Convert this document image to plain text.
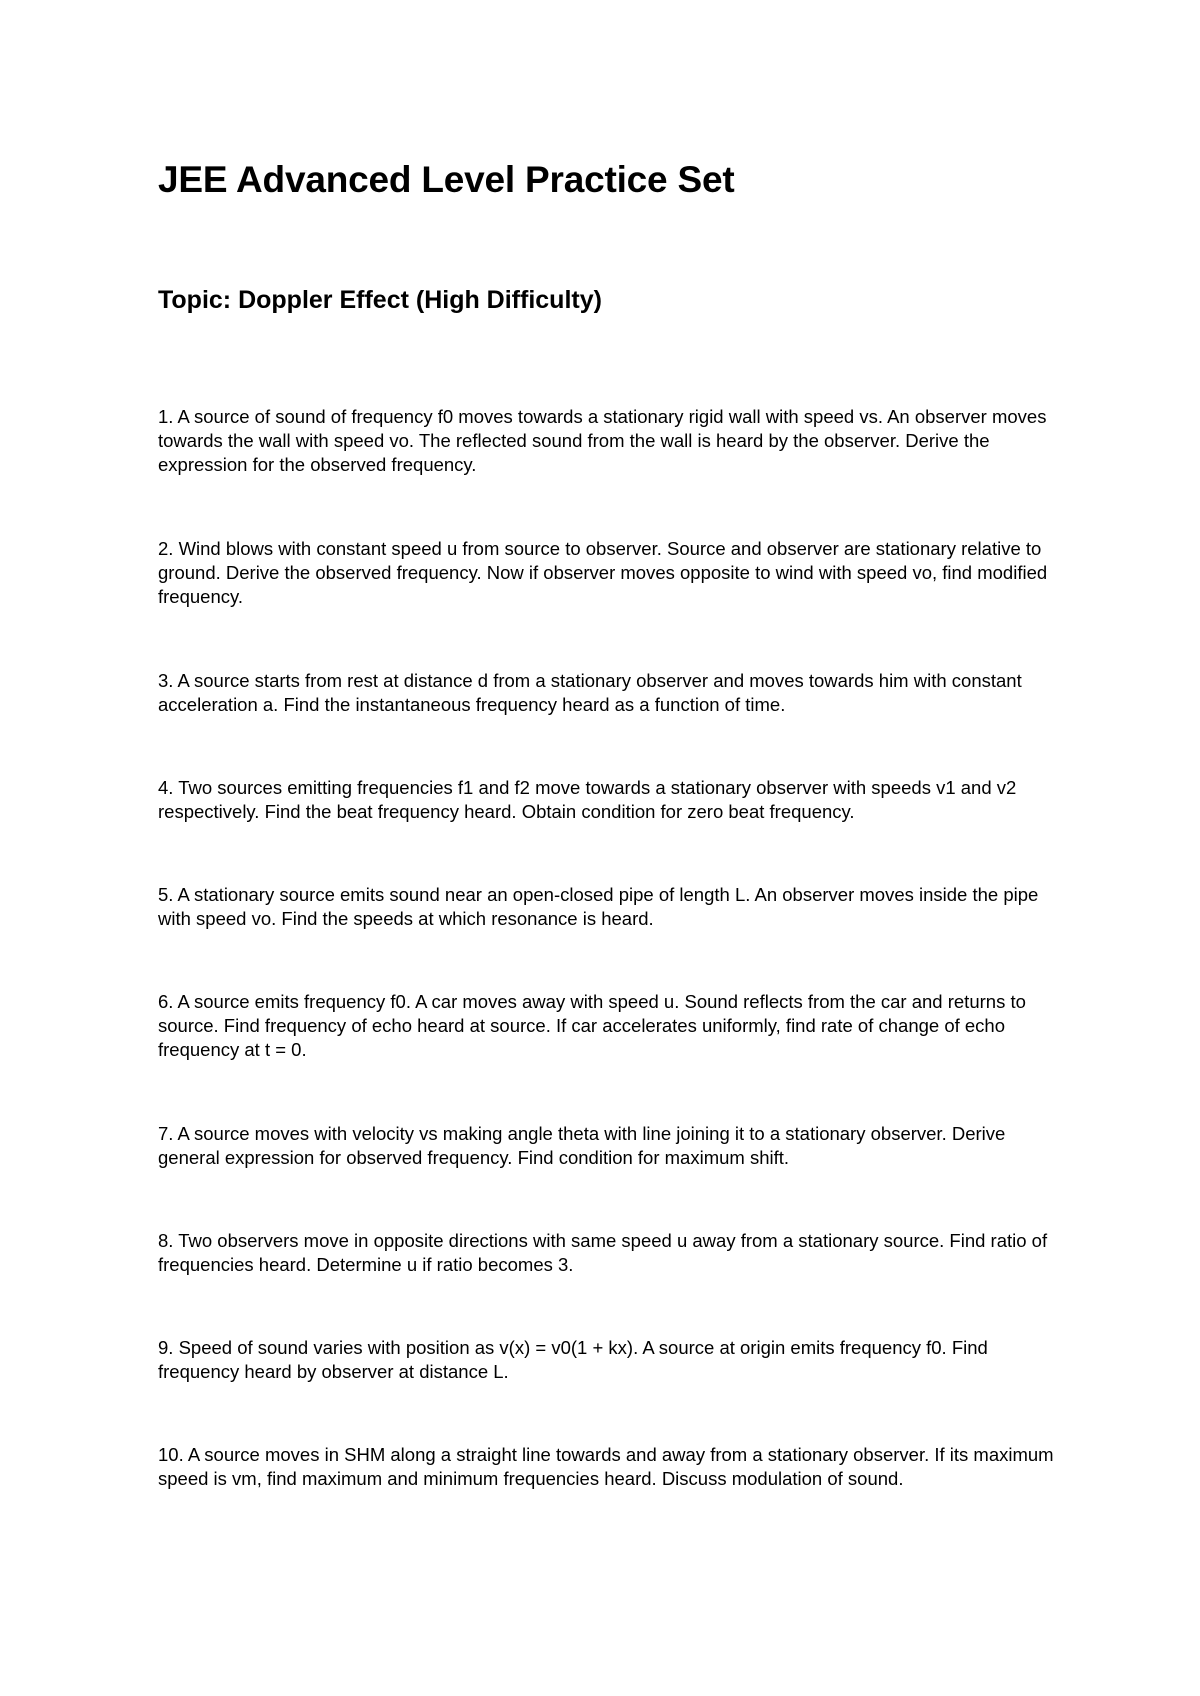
JEE Advanced Level Practice Set
Topic: Doppler Effect (High Difficulty)

1. A source of sound of frequency f0 moves towards a stationary rigid wall with speed vs. An observer moves towards the wall with speed vo. The reflected sound from the wall is heard by the observer. Derive the expression for the observed frequency.

2. Wind blows with constant speed u from source to observer. Source and observer are stationary relative to ground. Derive the observed frequency. Now if observer moves opposite to wind with speed vo, find modified frequency.

3. A source starts from rest at distance d from a stationary observer and moves towards him with constant acceleration a. Find the instantaneous frequency heard as a function of time.

4. Two sources emitting frequencies f1 and f2 move towards a stationary observer with speeds v1 and v2 respectively. Find the beat frequency heard. Obtain condition for zero beat frequency.

5. A stationary source emits sound near an open-closed pipe of length L. An observer moves inside the pipe with speed vo. Find the speeds at which resonance is heard.

6. A source emits frequency f0. A car moves away with speed u. Sound reflects from the car and returns to source. Find frequency of echo heard at source. If car accelerates uniformly, find rate of change of echo frequency at t = 0.

7. A source moves with velocity vs making angle theta with line joining it to a stationary observer. Derive general expression for observed frequency. Find condition for maximum shift.

8. Two observers move in opposite directions with same speed u away from a stationary source. Find ratio of frequencies heard. Determine u if ratio becomes 3.

9. Speed of sound varies with position as v(x) = v0(1 + kx). A source at origin emits frequency f0. Find frequency heard by observer at distance L.

10. A source moves in SHM along a straight line towards and away from a stationary observer. If its maximum speed is vm, find maximum and minimum frequencies heard. Discuss modulation of sound.
